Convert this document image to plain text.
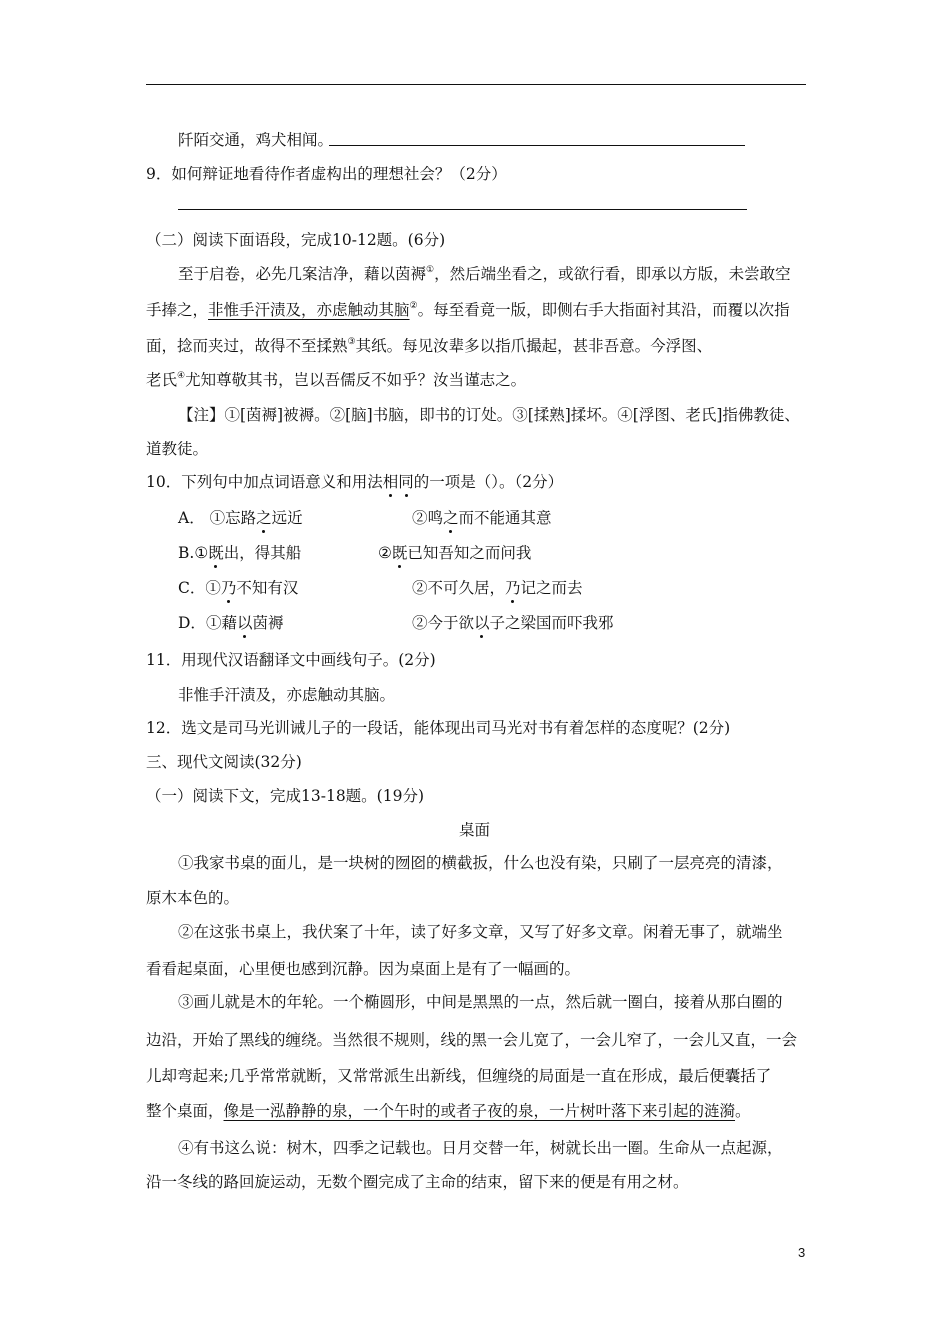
阡陌交通，鸡犬相闻。
9．如何辩证地看待作者虚构出的理想社会？（2分）
（二）阅读下面语段，完成10-12题。(6分)
至于启卷，必先几案洁净，藉以茵褥①，然后端坐看之，或欲行看，即承以方版，未尝敢空
手捧之，非惟手汗渍及，亦虑触动其脑②。每至看竟一版，即侧右手大指面衬其沿，而覆以次指
面，捻而夹过，故得不至揉熟③其纸。每见汝辈多以指爪撮起，甚非吾意。今浮图、
老氏④尤知尊敬其书，岂以吾儒反不如乎？汝当谨志之。
【注】①[茵褥]被褥。②[脑]书脑，即书的订处。③[揉熟]揉坏。④[浮图、老氏]指佛教徒、
道教徒。
10．下列句中加点词语意义和用法相同的一项是（）。（2分）
A． ①忘路之远近	②鸣之而不能通其意
B.①既出，得其船	②既已知吾知之而问我
C．①乃不知有汉	②不可久居，乃记之而去
D．①藉以茵褥	②今于欲以子之梁国而吓我邪
11．用现代汉语翻译文中画线句子。(2分)
非惟手汗渍及，亦虑触动其脑。
12．选文是司马光训诫儿子的一段话，能体现出司马光对书有着怎样的态度呢？(2分)
三、现代文阅读(32分)
（一）阅读下文，完成13-18题。(19分)
桌面
①我家书桌的面儿，是一块树的囫囵的横截扳，什么也没有染，只刷了一层亮亮的清漆，
原木本色的。
②在这张书桌上，我伏案了十年，读了好多文章，又写了好多文章。闲着无事了，就端坐
看看起桌面，心里便也感到沉静。因为桌面上是有了一幅画的。
③画儿就是木的年轮。一个椭圆形，中间是黑黑的一点，然后就一圈白，接着从那白圈的
边沿，开始了黑线的缠绕。当然很不规则，线的黑一会儿宽了，一会儿窄了，一会儿又直，一会
儿却弯起来;几乎常常就断，又常常派生出新线，但缠绕的局面是一直在形成，最后便囊括了
整个桌面，像是一泓静静的泉，一个午时的或者子夜的泉，一片树叶落下来引起的涟漪。
④有书这么说：树木，四季之记载也。日月交替一年，树就长出一圈。生命从一点起源，
沿一冬线的路回旋运动，无数个圈完成了主命的结束，留下来的便是有用之材。
3
